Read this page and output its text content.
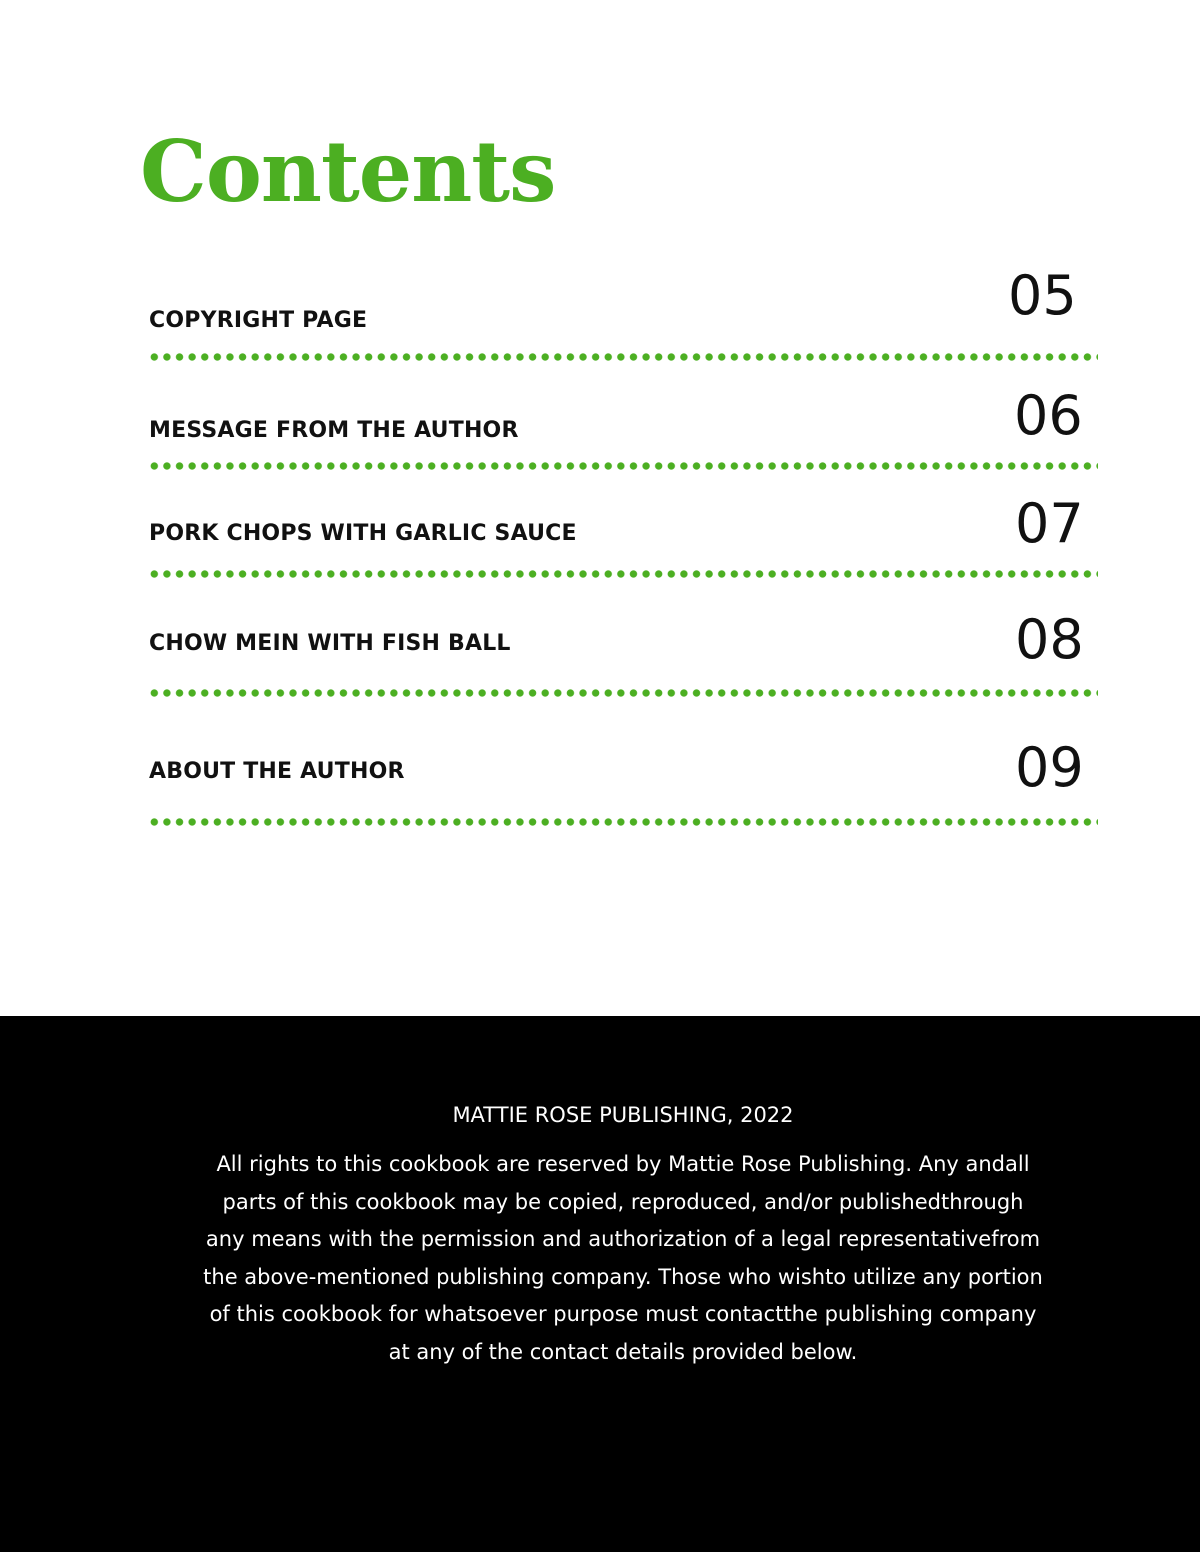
Contents
COPYRIGHT PAGE	05
MESSAGE FROM THE AUTHOR	06
PORK CHOPS WITH GARLIC SAUCE	07
CHOW MEIN WITH FISH BALL	08
ABOUT THE AUTHOR	09
MATTIE ROSE PUBLISHING, 2022
All rights to this cookbook are reserved by Mattie Rose Publishing. Any andall
parts of this cookbook may be copied, reproduced, and/or publishedthrough
any means with the permission and authorization of a legal representativefrom
the above-mentioned publishing company. Those who wishto utilize any portion
of this cookbook for whatsoever purpose must contactthe publishing company
at any of the contact details provided below.
